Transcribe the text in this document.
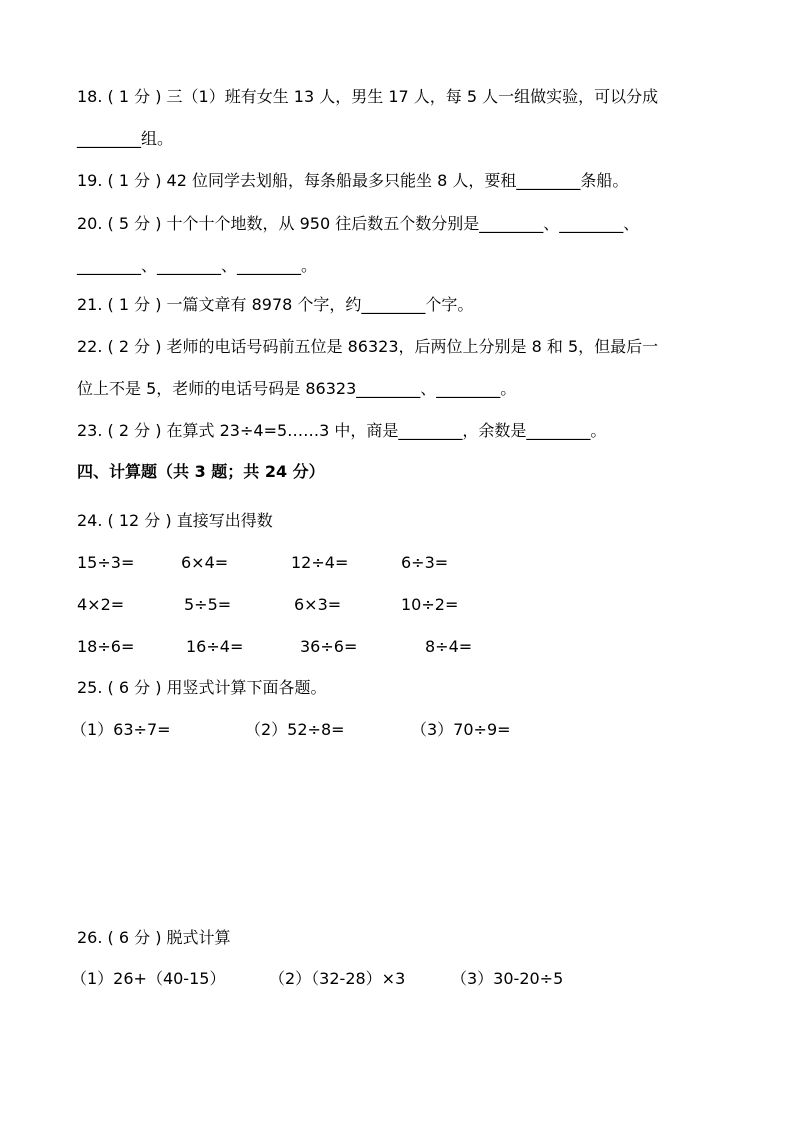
18. ( 1 分 ) 三（1）班有女生 13 人，男生 17 人，每 5 人一组做实验，可以分成
________组。
19. ( 1 分 ) 42 位同学去划船，每条船最多只能坐 8 人，要租________条船。
20. ( 5 分 ) 十个十个地数，从 950 往后数五个数分别是________、________、
________、________、________。
21. ( 1 分 ) 一篇文章有 8978 个字，约________个字。
22. ( 2 分 ) 老师的电话号码前五位是 86323，后两位上分别是 8 和 5，但最后一
位上不是 5，老师的电话号码是 86323________、________。
23. ( 2 分 ) 在算式 23÷4=5……3 中，商是________，余数是________。
四、计算题（共 3 题；共 24 分）
24. ( 12 分 ) 直接写出得数
15÷3=	6×4=	12÷4=	6÷3=
4×2=	5÷5=	6×3=	10÷2=
18÷6=	16÷4=	36÷6=	8÷4=
25. ( 6 分 ) 用竖式计算下面各题。
（1）63÷7=	（2）52÷8=	（3）70÷9=
26. ( 6 分 ) 脱式计算
（1）26+（40-15）	（2）（32-28）×3	（3）30-20÷5
